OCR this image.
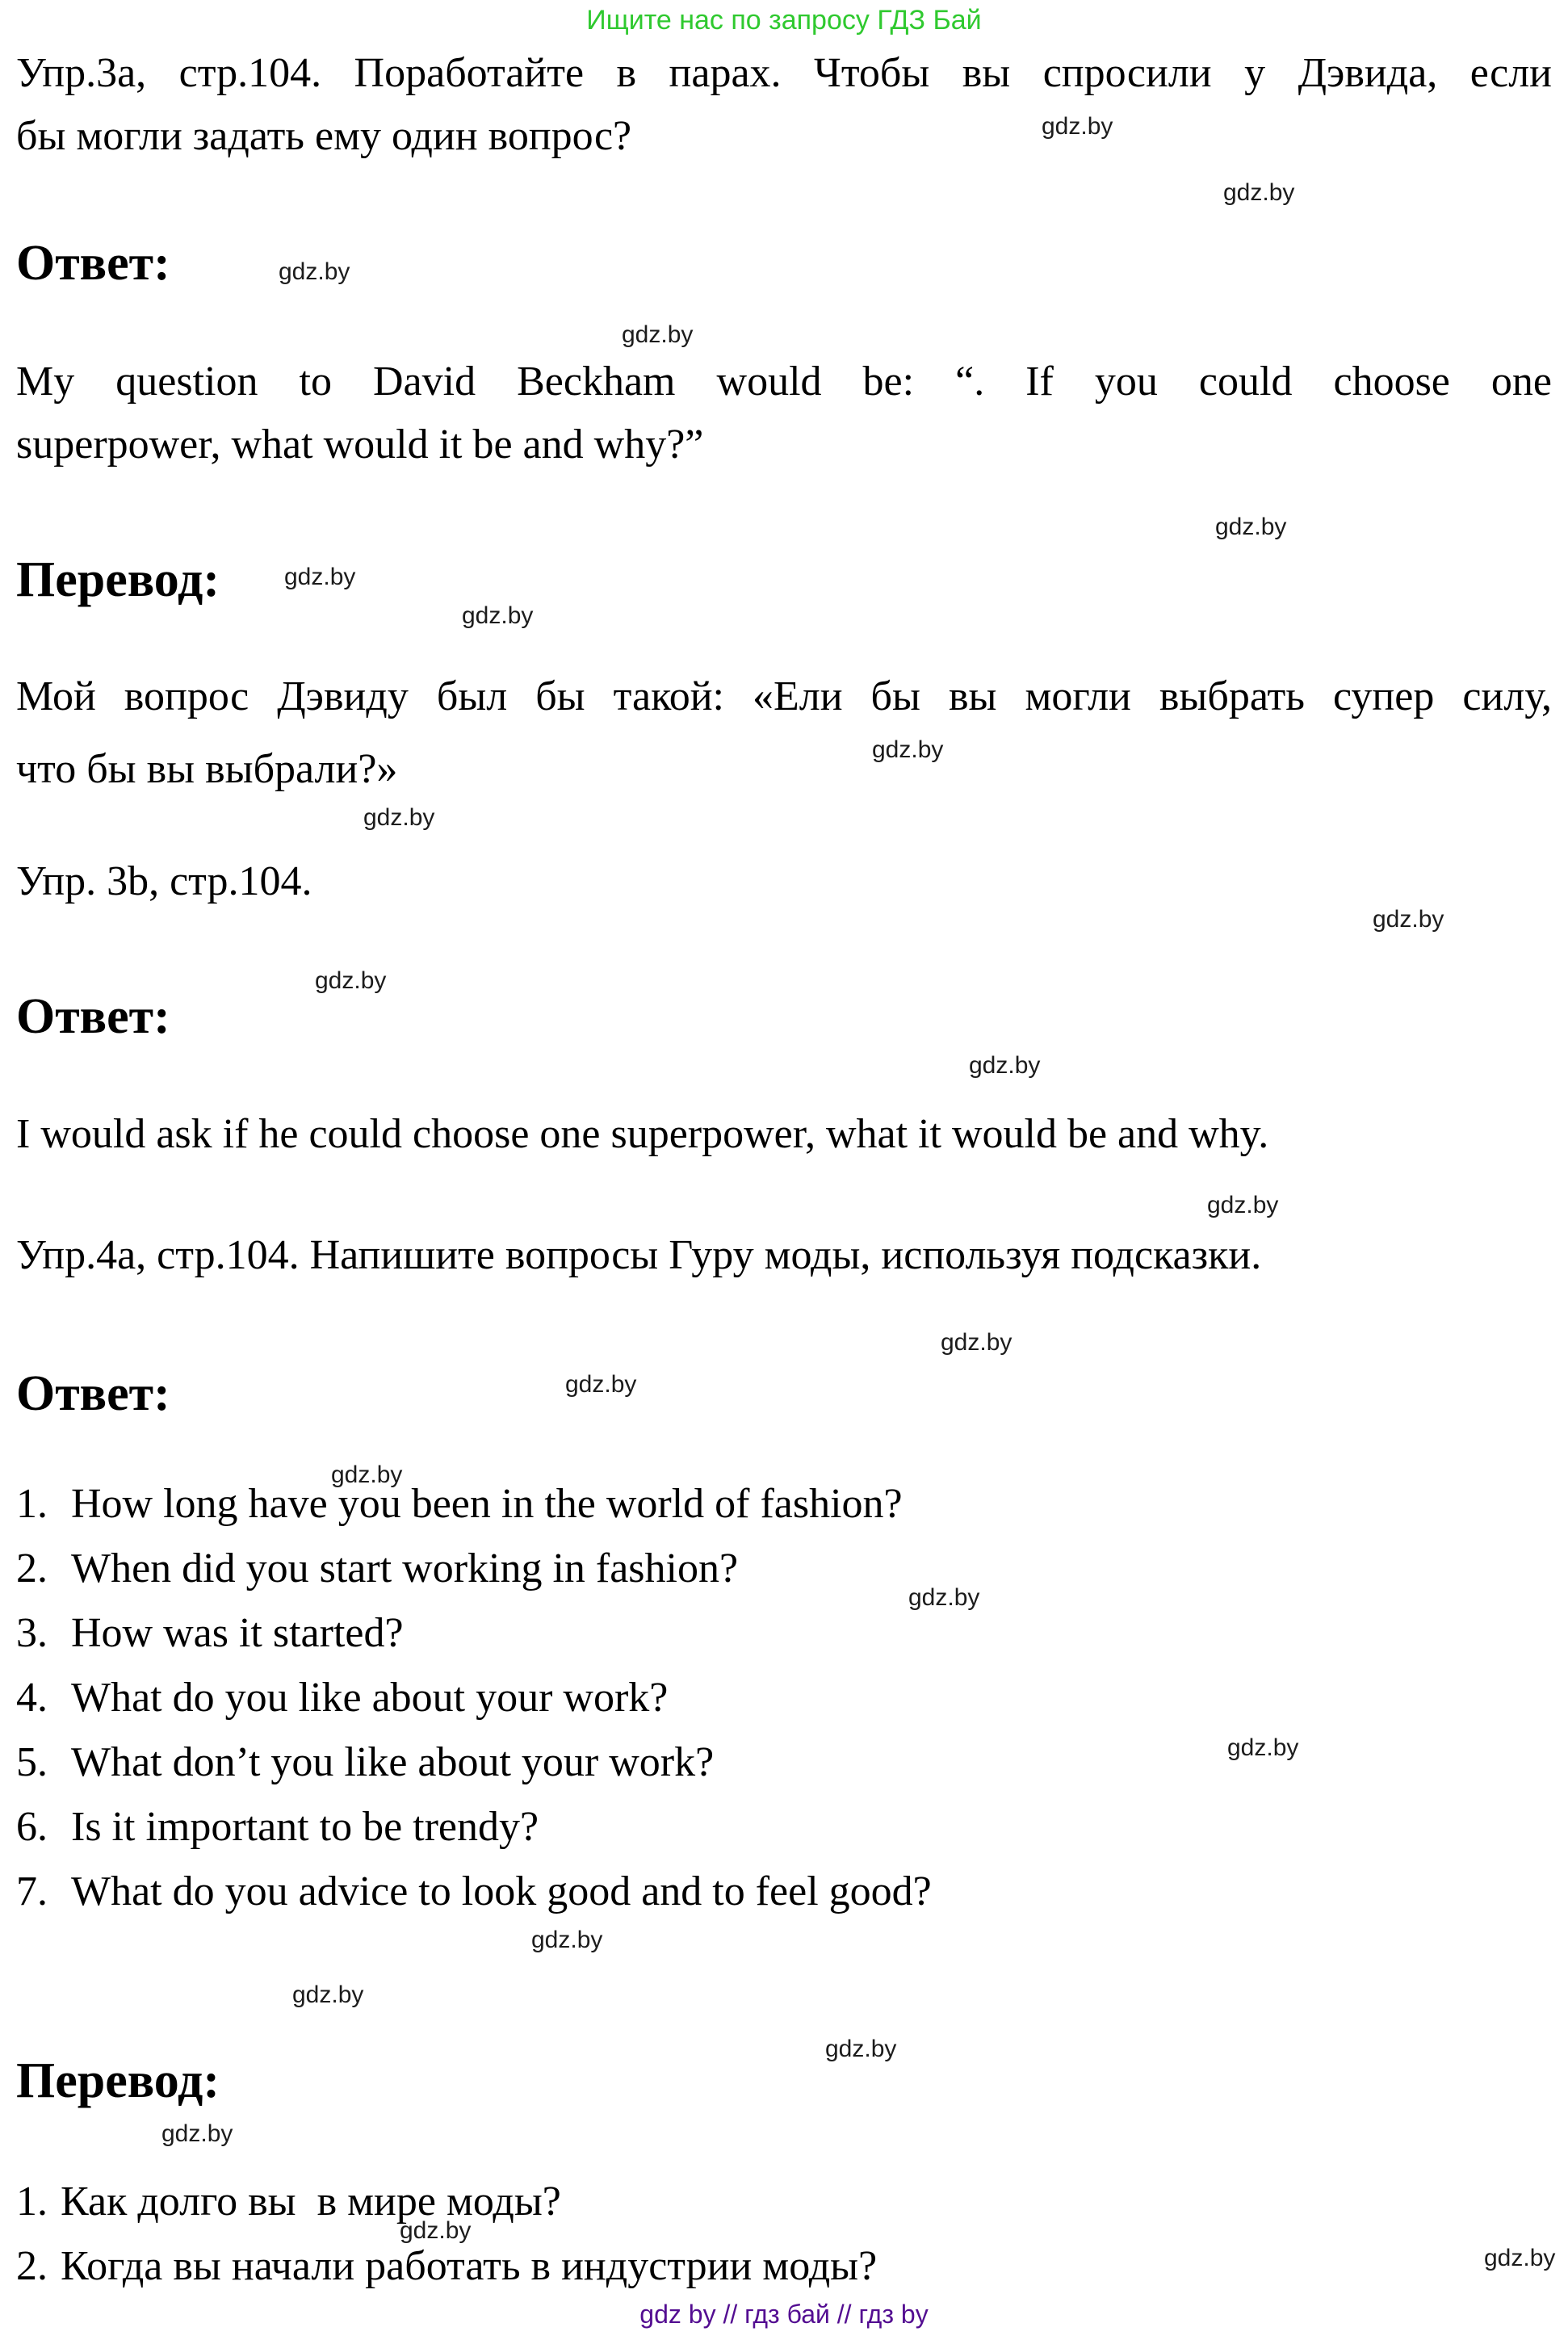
Ищите нас по запросу ГДЗ Бай
Упр.3а, стр.104. Поработайте в парах. Чтобы вы спросили у Дэвида, если
бы могли задать ему один вопрос?
Ответ:
My question to David Beckham would be: “. If you could choose one
superpower, what would it be and why?”
Перевод:
Мой вопрос Дэвиду был бы такой: «Ели бы вы могли выбрать супер силу,
что бы вы выбрали?»
Упр. 3b, стр.104.
Ответ:
I would ask if he could choose one superpower, what it would be and why.
Упр.4а, стр.104. Напишите вопросы Гуру моды, используя подсказки.
Ответ:
1. How long have you been in the world of fashion?
2. When did you start working in fashion?
3. How was it started?
4. What do you like about your work?
5. What don’t you like about your work?
6. Is it important to be trendy?
7. What do you advice to look good and to feel good?
Перевод:
1. Как долго вы  в мире моды?
2. Когда вы начали работать в индустрии моды?
gdz by // гдз бай // гдз by
gdz.by
gdz.by
gdz.by
gdz.by
gdz.by
gdz.by
gdz.by
gdz.by
gdz.by
gdz.by
gdz.by
gdz.by
gdz.by
gdz.by
gdz.by
gdz.by
gdz.by
gdz.by
gdz.by
gdz.by
gdz.by
gdz.by
gdz.by
gdz.by
